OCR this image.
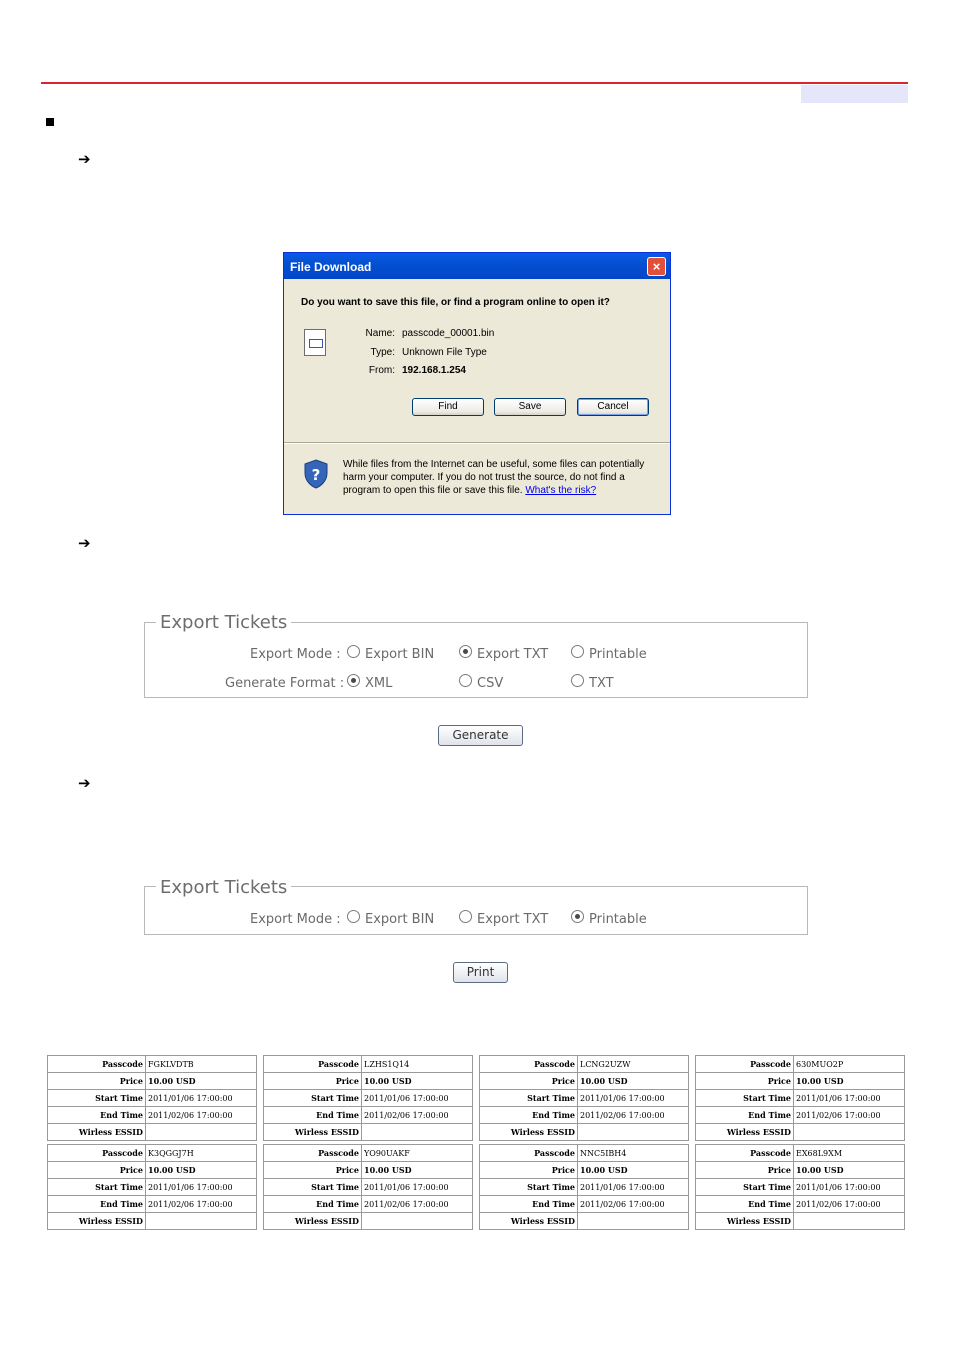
➔
➔
➔
File Download	×
Do you want to save this file, or find a program online to open it?
Name: passcode_00001.bin
Type: Unknown File Type
From: 192.168.1.254
Find	Save	Cancel
?
While files from the Internet can be useful, some files can potentially harm your computer. If you do not trust the source, do not find a program to open this file or save this file. What's the risk?
Export Tickets
Export Mode : Export BIN	Export TXT	Printable
Generate Format : XML	CSV	TXT
Generate
Export Tickets
Export Mode : Export BIN	Export TXT	Printable
Print
Passcode	FGKLVDTB
Price	10.00 USD
Start Time	2011/01/06 17:00:00
End Time	2011/02/06 17:00:00
Wirless ESSID	
Passcode	LZHS1Q14
Price	10.00 USD
Start Time	2011/01/06 17:00:00
End Time	2011/02/06 17:00:00
Wirless ESSID	
Passcode	LCNG2UZW
Price	10.00 USD
Start Time	2011/01/06 17:00:00
End Time	2011/02/06 17:00:00
Wirless ESSID	
Passcode	630MUO2P
Price	10.00 USD
Start Time	2011/01/06 17:00:00
End Time	2011/02/06 17:00:00
Wirless ESSID	
Passcode	K3QGGJ7H
Price	10.00 USD
Start Time	2011/01/06 17:00:00
End Time	2011/02/06 17:00:00
Wirless ESSID	
Passcode	YO90UAKF
Price	10.00 USD
Start Time	2011/01/06 17:00:00
End Time	2011/02/06 17:00:00
Wirless ESSID	
Passcode	NNC5IBH4
Price	10.00 USD
Start Time	2011/01/06 17:00:00
End Time	2011/02/06 17:00:00
Wirless ESSID	
Passcode	EX68L9XM
Price	10.00 USD
Start Time	2011/01/06 17:00:00
End Time	2011/02/06 17:00:00
Wirless ESSID	
